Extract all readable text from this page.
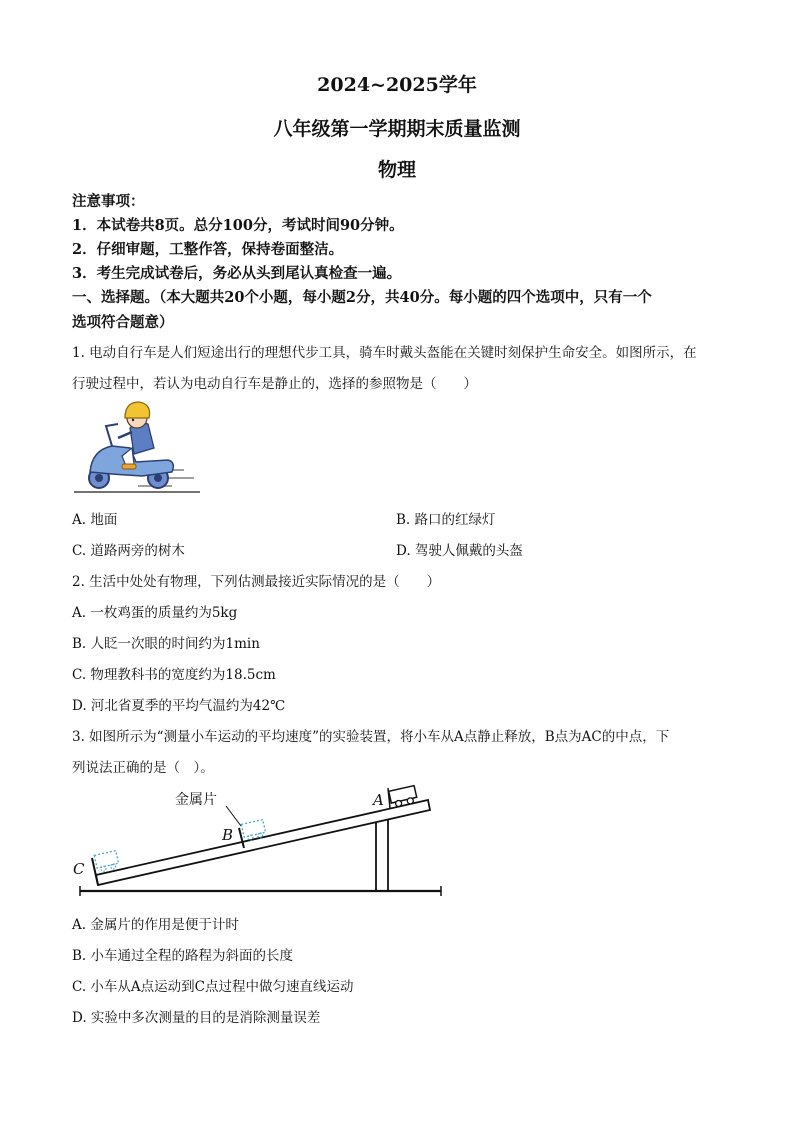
2024~2025学年
八年级第一学期期末质量监测
物理
注意事项：
1．本试卷共8页。总分100分，考试时间90分钟。
2．仔细审题，工整作答，保持卷面整洁。
3．考生完成试卷后，务必从头到尾认真检查一遍。
一、选择题。（本大题共20个小题，每小题2分，共40分。每小题的四个选项中，只有一个
选项符合题意）
1. 电动自行车是人们短途出行的理想代步工具，骑车时戴头盔能在关键时刻保护生命安全。如图所示，在
行驶过程中，若认为电动自行车是静止的，选择的参照物是（　　）
A. 地面	B. 路口的红绿灯
C. 道路两旁的树木	D. 驾驶人佩戴的头盔
2. 生活中处处有物理，下列估测最接近实际情况的是（　　）
A. 一枚鸡蛋的质量约为5kg
B. 人眨一次眼的时间约为1min
C. 物理教科书的宽度约为18.5cm
D. 河北省夏季的平均气温约为42℃
3. 如图所示为“测量小车运动的平均速度”的实验装置，将小车从A点静止释放，B点为AC的中点，下
列说法正确的是（　）。
金属片	A
B
C
A. 金属片的作用是便于计时
B. 小车通过全程的路程为斜面的长度
C. 小车从A点运动到C点过程中做匀速直线运动
D. 实验中多次测量的目的是消除测量误差
